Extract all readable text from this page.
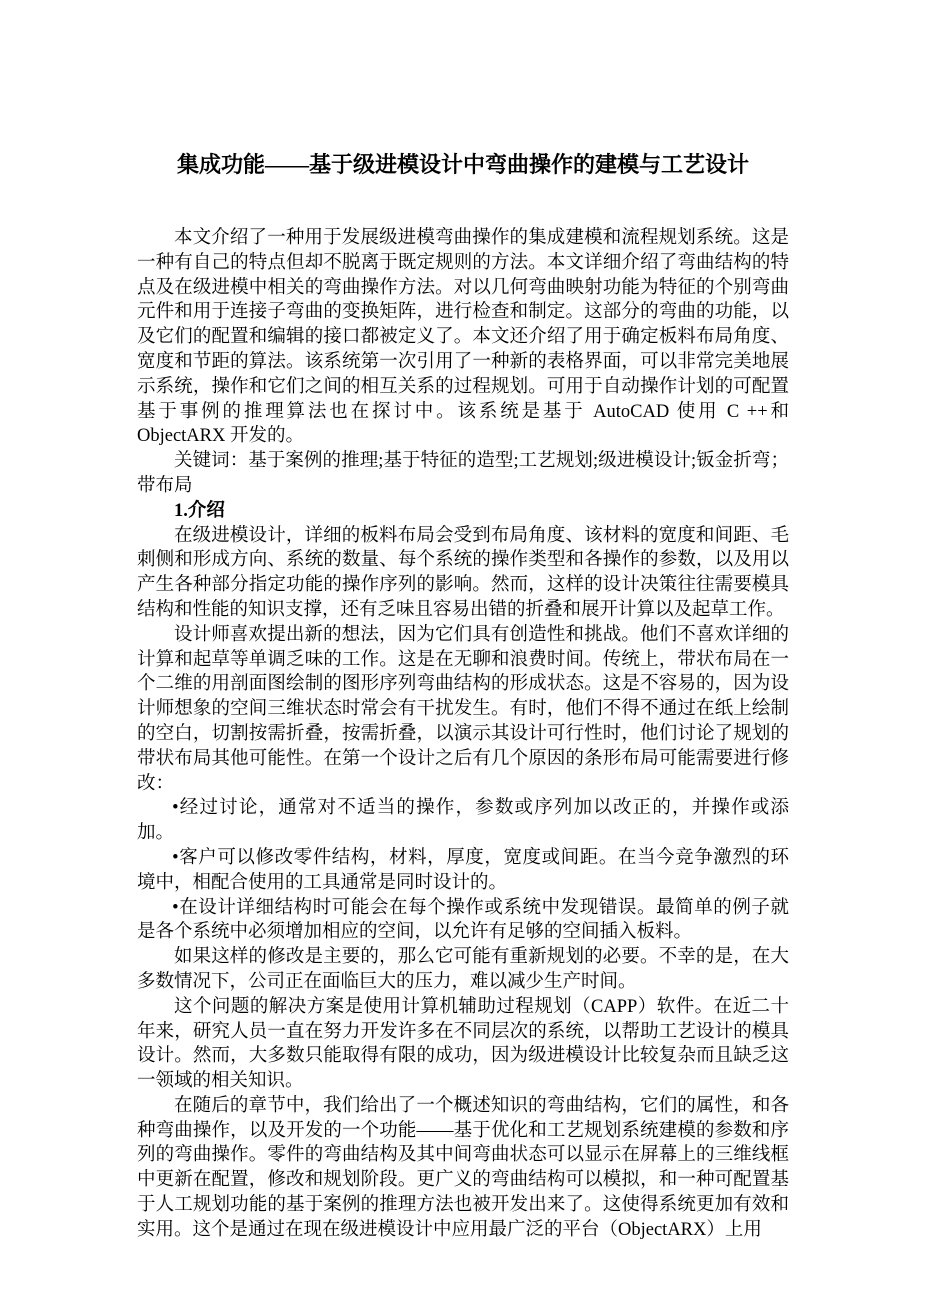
集成功能——基于级进模设计中弯曲操作的建模与工艺设计

本文介绍了一种用于发展级进模弯曲操作的集成建模和流程规划系统。这是一种有自己的特点但却不脱离于既定规则的方法。本文详细介绍了弯曲结构的特点及在级进模中相关的弯曲操作方法。对以几何弯曲映射功能为特征的个别弯曲元件和用于连接子弯曲的变换矩阵，进行检查和制定。这部分的弯曲的功能，以及它们的配置和编辑的接口都被定义了。本文还介绍了用于确定板料布局角度、宽度和节距的算法。该系统第一次引用了一种新的表格界面，可以非常完美地展示系统，操作和它们之间的相互关系的过程规划。可用于自动操作计划的可配置基于事例的推理算法也在探讨中。该系统是基于 AutoCAD 使用 C ++和 ObjectARX 开发的。

关键词：基于案例的推理;基于特征的造型;工艺规划;级进模设计;钣金折弯；带布局

1.介绍

在级进模设计，详细的板料布局会受到布局角度、该材料的宽度和间距、毛刺侧和形成方向、系统的数量、每个系统的操作类型和各操作的参数，以及用以产生各种部分指定功能的操作序列的影响。然而，这样的设计决策往往需要模具结构和性能的知识支撑，还有乏味且容易出错的折叠和展开计算以及起草工作。

设计师喜欢提出新的想法，因为它们具有创造性和挑战。他们不喜欢详细的计算和起草等单调乏味的工作。这是在无聊和浪费时间。传统上，带状布局在一个二维的用剖面图绘制的图形序列弯曲结构的形成状态。这是不容易的，因为设计师想象的空间三维状态时常会有干扰发生。有时，他们不得不通过在纸上绘制的空白，切割按需折叠，按需折叠，以演示其设计可行性时，他们讨论了规划的带状布局其他可能性。在第一个设计之后有几个原因的条形布局可能需要进行修改：

•经过讨论，通常对不适当的操作，参数或序列加以改正的，并操作或添加。

•客户可以修改零件结构，材料，厚度，宽度或间距。在当今竞争激烈的环境中，相配合使用的工具通常是同时设计的。

•在设计详细结构时可能会在每个操作或系统中发现错误。最简单的例子就是各个系统中必须增加相应的空间，以允许有足够的空间插入板料。

如果这样的修改是主要的，那么它可能有重新规划的必要。不幸的是，在大多数情况下，公司正在面临巨大的压力，难以减少生产时间。

这个问题的解决方案是使用计算机辅助过程规划（CAPP）软件。在近二十年来，研究人员一直在努力开发许多在不同层次的系统，以帮助工艺设计的模具设计。然而，大多数只能取得有限的成功，因为级进模设计比较复杂而且缺乏这一领域的相关知识。

在随后的章节中，我们给出了一个概述知识的弯曲结构，它们的属性，和各种弯曲操作，以及开发的一个功能——基于优化和工艺规划系统建模的参数和序列的弯曲操作。零件的弯曲结构及其中间弯曲状态可以显示在屏幕上的三维线框中更新在配置，修改和规划阶段。更广义的弯曲结构可以模拟，和一种可配置基于人工规划功能的基于案例的推理方法也被开发出来了。这使得系统更加有效和实用。这个是通过在现在级进模设计中应用最广泛的平台（ObjectARX）上用
